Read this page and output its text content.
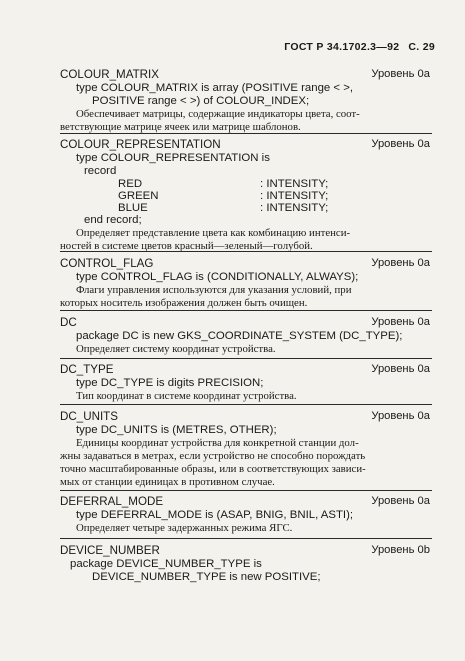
ГОСТ Р 34.1702.3—92 С. 29
COLOUR_MATRIX	Уровень 0a
type COLOUR_MATRIX is array (POSITIVE range < >,
POSITIVE range < >) of COLOUR_INDEX;
Обеспечивает матрицы, содержащие индикаторы цвета, соот-
ветствующие матрице ячеек или матрице шаблонов.
COLOUR_REPRESENTATION	Уровень 0a
type COLOUR_REPRESENTATION is
record
RED	: INTENSITY;
GREEN	: INTENSITY;
BLUE	: INTENSITY;
end record;
Определяет представление цвета как комбинацию интенси-
ностей в системе цветов красный—зеленый—голубой.
CONTROL_FLAG	Уровень 0a
type CONTROL_FLAG is (CONDITIONALLY, ALWAYS);
Флаги управления используются для указания условий, при
которых носитель изображения должен быть очищен.
DC	Уровень 0a
package DC is new GKS_COORDINATE_SYSTEM (DC_TYPE);
Определяет систему координат устройства.
DC_TYPE	Уровень 0a
type DC_TYPE is digits PRECISION;
Тип координат в системе координат устройства.
DC_UNITS	Уровень 0a
type DC_UNITS is (METRES, OTHER);
Единицы координат устройства для конкретной станции дол-
жны задаваться в метрах, если устройство не способно порождать
точно масштабированные образы, или в соответствующих зависи-
мых от станции единицах в противном случае.
DEFERRAL_MODE	Уровень 0a
type DEFERRAL_MODE is (ASAP, BNIG, BNIL, ASTI);
Определяет четыре задержанных режима ЯГС.
DEVICE_NUMBER	Уровень 0b
package DEVICE_NUMBER_TYPE is
DEVICE_NUMBER_TYPE is new POSITIVE;
